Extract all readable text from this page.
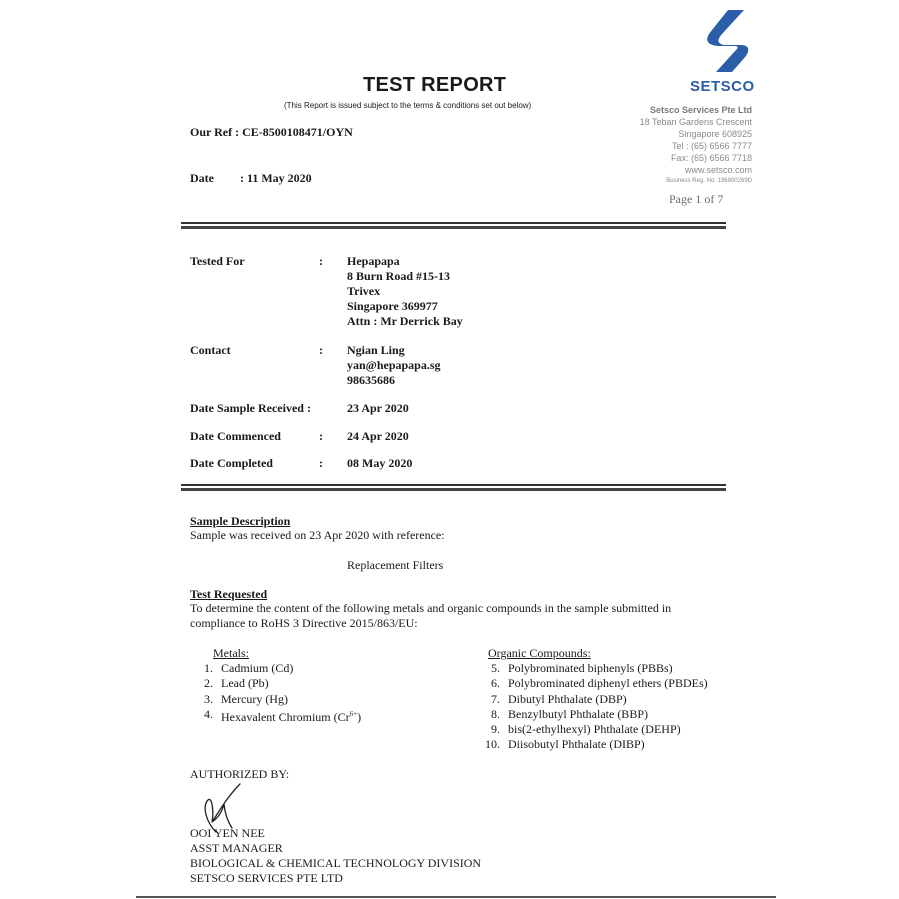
SETSCO
TEST REPORT
(This Report is issued subject to the terms & conditions set out below)	Setsco Services Pte Ltd
18 Teban Gardens Crescent
Singapore 608925
Tel : (65) 6566 7777
Fax: (65) 6566 7718
www.setsco.com
Business Reg. No. 196900269D
Our Ref : CE-8500108471/OYN
Date : 11 May 2020
Page 1 of 7
Tested For	: Hepapapa
8 Burn Road #15-13
Trivex
Singapore 369977
Attn : Mr Derrick Bay
Contact	: Ngian Ling
yan@hepapapa.sg
98635686
Date Sample Received :	23 Apr 2020
Date Commenced	: 24 Apr 2020
Date Completed	: 08 May 2020
Sample Description
Sample was received on 23 Apr 2020 with reference:
Replacement Filters
Test Requested
To determine the content of the following metals and organic compounds in the sample submitted in
compliance to RoHS 3 Directive 2015/863/EU:
Metals:
1. Cadmium (Cd)
2. Lead (Pb)
3. Mercury (Hg)
4. Hexavalent Chromium $(Cr^{6+})$
Organic Compounds:
5. Polybrominated biphenyls (PBBs)
6. Polybrominated diphenyl ethers (PBDEs)
7. Dibutyl Phthalate (DBP)
8. Benzylbutyl Phthalate (BBP)
9. bis(2-ethylhexyl) Phthalate (DEHP)
10. Diisobutyl Phthalate (DIBP)
AUTHORIZED BY:
OOI YEN NEE
ASST MANAGER
BIOLOGICAL & CHEMICAL TECHNOLOGY DIVISION
SETSCO SERVICES PTE LTD
